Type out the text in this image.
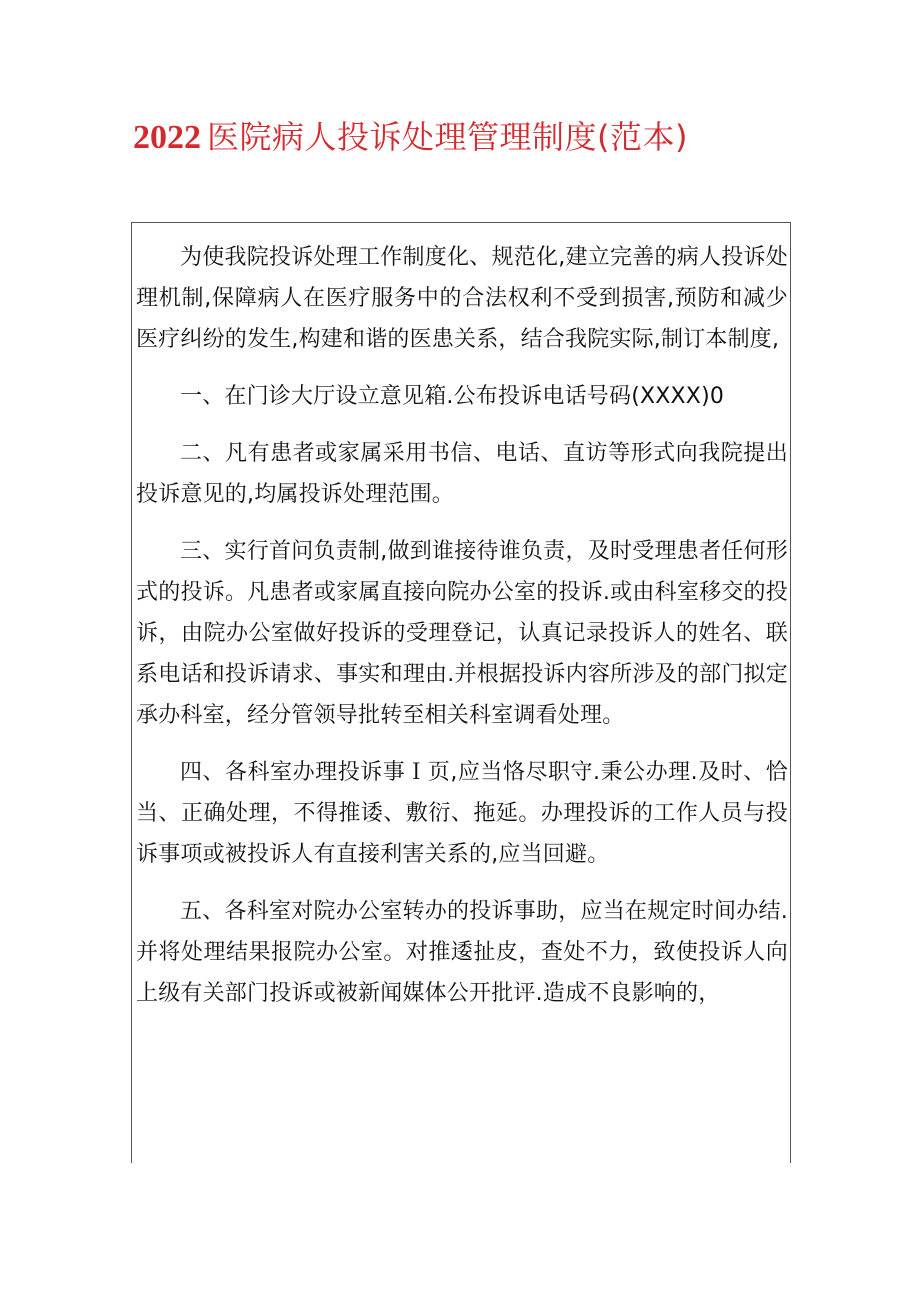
2022 医院病人投诉处理管理制度(范本)

为使我院投诉处理工作制度化、规范化,建立完善的病人投诉处理机制,保障病人在医疗服务中的合法权利不受到损害,预防和减少医疗纠纷的发生,构建和谐的医患关系，结合我院实际,制订本制度,

一、在门诊大厅设立意见箱.公布投诉电话号码(XXXX)0

二、凡有患者或家属采用书信、电话、直访等形式向我院提出投诉意见的,均属投诉处理范围。

三、实行首问负责制,做到谁接待谁负责，及时受理患者任何形式的投诉。凡患者或家属直接向院办公室的投诉.或由科室移交的投诉，由院办公室做好投诉的受理登记，认真记录投诉人的姓名、联系电话和投诉请求、事实和理由.并根据投诉内容所涉及的部门拟定承办科室，经分管领导批转至相关科室调看处理。

四、各科室办理投诉事Ｉ页,应当恪尽职守.秉公办理.及时、恰当、正确处理，不得推诿、敷衍、拖延。办理投诉的工作人员与投诉事项或被投诉人有直接利害关系的,应当回避。

五、各科室对院办公室转办的投诉事助，应当在规定时间办结.并将处理结果报院办公室。对推逶扯皮，查处不力，致使投诉人向上级有关部门投诉或被新闻媒体公开批评.造成不良影响的，
